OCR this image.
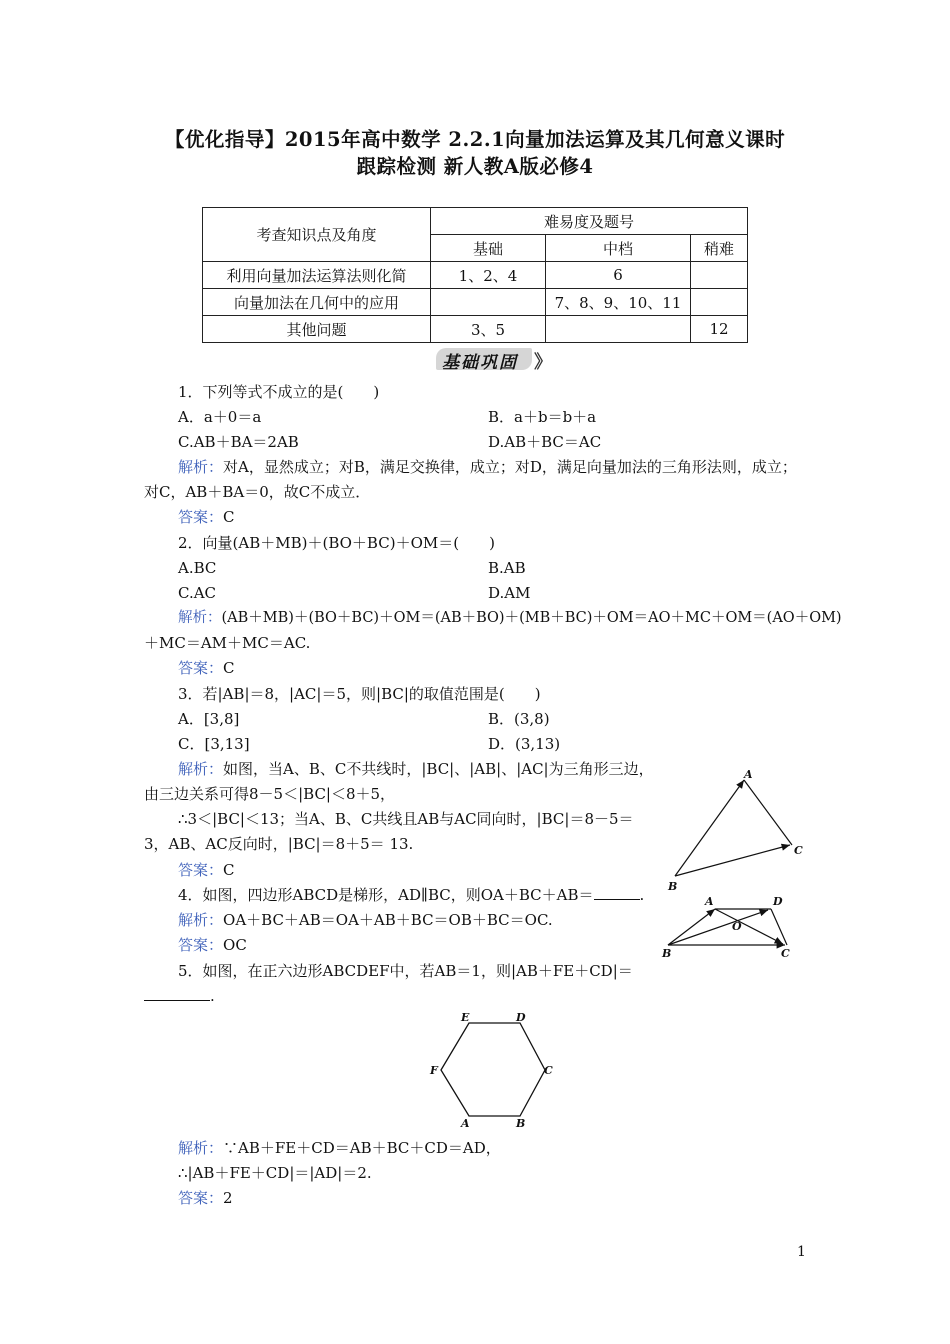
【优化指导】2015年高中数学 2.2.1向量加法运算及其几何意义课时
跟踪检测 新人教A版必修4
考查知识点及角度	难易度及题号		
	基础	中档	稍难
利用向量加法运算法则化简	1、2、4	6	
向量加法在几何中的应用		7、8、9、10、11	
其他问题	3、5		12
基础巩固 》
1．下列等式不成立的是(　　)
A．a＋0＝a	B．a＋b＝b＋a
C.AB＋BA＝2AB	D.AB＋BC＝AC
解析：对A，显然成立；对B，满足交换律，成立；对D，满足向量加法的三角形法则，成立；
对C，AB＋BA＝0，故C不成立．
答案：C
2．向量(AB＋MB)＋(BO＋BC)＋OM＝(　　)
A.BC	B.AB
C.AC	D.AM
解析：(AB＋MB)＋(BO＋BC)＋OM＝(AB＋BO)＋(MB＋BC)＋OM＝AO＋MC＋OM＝(AO＋OM)
＋MC＝AM＋MC＝AC.
答案：C
3．若|AB|＝8，|AC|＝5，则|BC|的取值范围是(　　)
A．[3,8]	B．(3,8)
C．[3,13]	D．(3,13)
解析：如图，当A、B、C不共线时，|BC|、|AB|、|AC|为三角形三边，
由三边关系可得8－5＜|BC|＜8＋5，
∴3＜|BC|＜13；当A、B、C共线且AB与AC同向时，|BC|＝8－5＝
3，AB、AC反向时，|BC|＝8＋5＝ 13.
答案：C
4．如图，四边形ABCD是梯形，AD∥BC，则OA＋BC＋AB＝	.
解析：OA＋BC＋AB＝OA＋AB＋BC＝OB＋BC＝OC.
答案：OC
5．如图，在正六边形ABCDEF中，若AB＝1，则|AB＋FE＋CD|＝
.
解析：∵AB＋FE＋CD＝AB＋BC＋CD＝AD，
∴|AB＋FE＋CD|＝|AD|＝2.
答案：2
A
B
C
A	D
B	C
O
E	D
F	C
A	B
1
